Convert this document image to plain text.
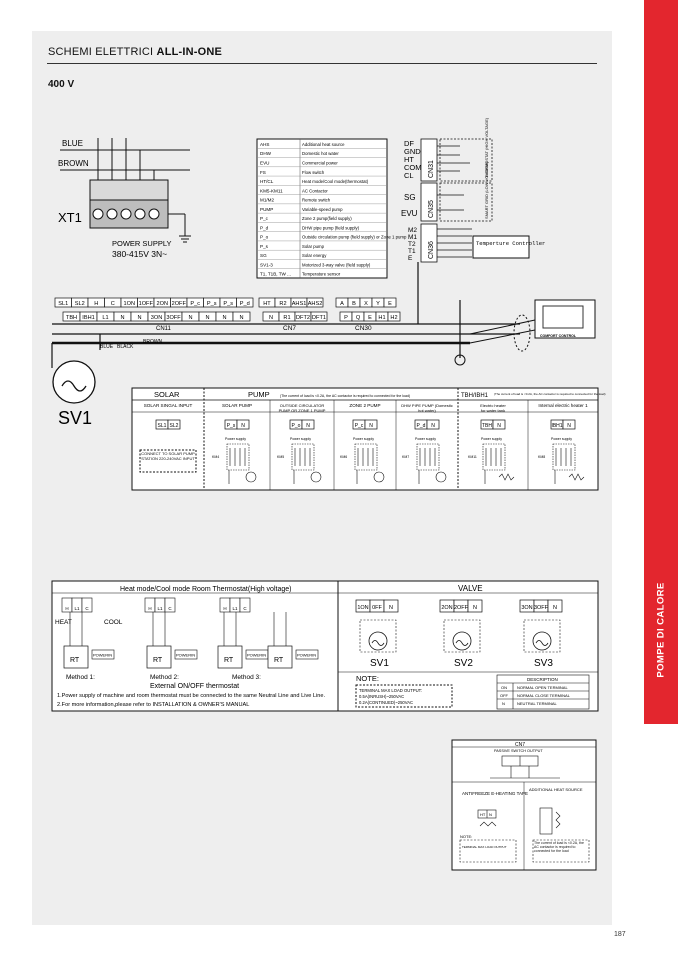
SCHEMI ELETTRICI ALL-IN-ONE
400 V
POMPE DI CALORE
187
BLUE
BROWN
XT1
POWER SUPPLY
380-415V 3N~
AHS	Additional heat source
DHW	Domestic hot water
EVU	Commercial power
FS	Flow switch
HT/CL	Heat mode/Cool mode(thermostat)
KM5-KM11	AC Contactor
M1/M2	Remote switch
PUMP	Variable-speed pump
P_c	Zone 2 pump(field supply)
P_d	DHW pipe pump (field supply)
P_o	Outside circulation pump (field supply) or Zone 1 pump
P_s	Solar pump
SG	Solar energy
SV1-3	Motorized 3-way valve (field supply)
T1, T1B, TW ...	Temperature sensor
DF
GND
HT
COM
CL
SG
EVU
M2
M1
T2
T1
E
CN31
CN35
CN36
THERMOSTAT (HIGH VOLTAGE)
SMART GRID (LOW VOLTAGE)
Temperture Controller
SL1 SL2 H C 1ON 1OFF 2ON 2OFF P_c P_s P_s P_d
TBH IBH1 L1 N N 3ON 3OFF N N N N
HT R2 AHS1 AHS2
N R1 DFT2 DFT1
A B X Y E
P Q E H1 H2
CN11	CN7	CN30
BLUE BLACK
BROWN
COMFORT CONTROL
SV1
SOLAR	PUMP	(The current of load is <0.2A, the AC contactor is required to connected for the load)	TBH/IBH1 (The current of load is <0.2A, the AC contactor is required to connected for the load)
SOLAR SINGAL INPUT
SL1 SL2
SOLAR PUMP
P_s N
Power supply
KM4
OUTSIDE CIRCULATOR
PUMP OR ZONE 1 PUMP
P_o N
Power supply
KM5
ZONE 2 PUMP
P_c N
Power supply
KM6
DHW PIPE PUMP (Domestic
hot water)
P_d N
Power supply
KM7
Electric heater
for water tank
TBH N
Power supply
KM11
Internal electric heater 1
IBH1 N
Power supply
KM8
CONNECT TO SOLAR PUMP STATION 220-240VAC INPUT
Heat mode/Cool mode Room Thermostat(High voltage)
H L1 C
RT
POWERIN
H L1 C
RT
POWERIN
H L1 C
RT
POWERIN
RT
POWERIN
HEAT	COOL
Method 1:	Method 2:	Method 3:
External ON/OFF thermostat
1.Power supply of machine and room thermostat must be connected to the same Neutral Line and Live Line.
2.For more information,please refer to INSTALLATION & OWNER'S MANUAL
VALVE
1ON 0FF N
SV1
2ON 2OFF N
SV2
3ON 3OFF N
SV3
NOTE:
TERMINAL MAX LOAD OUTPUT:
0.5A(INRUSH)~250VAC
0.2A(CONTINUED)~250VAC
DESCRIPTION
ON	NORMAL OPEN TERMINAL
OFF NORMAL CLOSE TERMINAL
N	NEUTRAL TERMINAL
CN7
PASSIVE SWITCH OUTPUT
ANTIFREEZE E-HEATING TAPE
ADDITIONAL HEAT SOURCE
HT N
NOTE:
TERMINAL MAX LOAD OUTPUT
The current of load is <0.2A, the AC contactor is required to connected for the load
